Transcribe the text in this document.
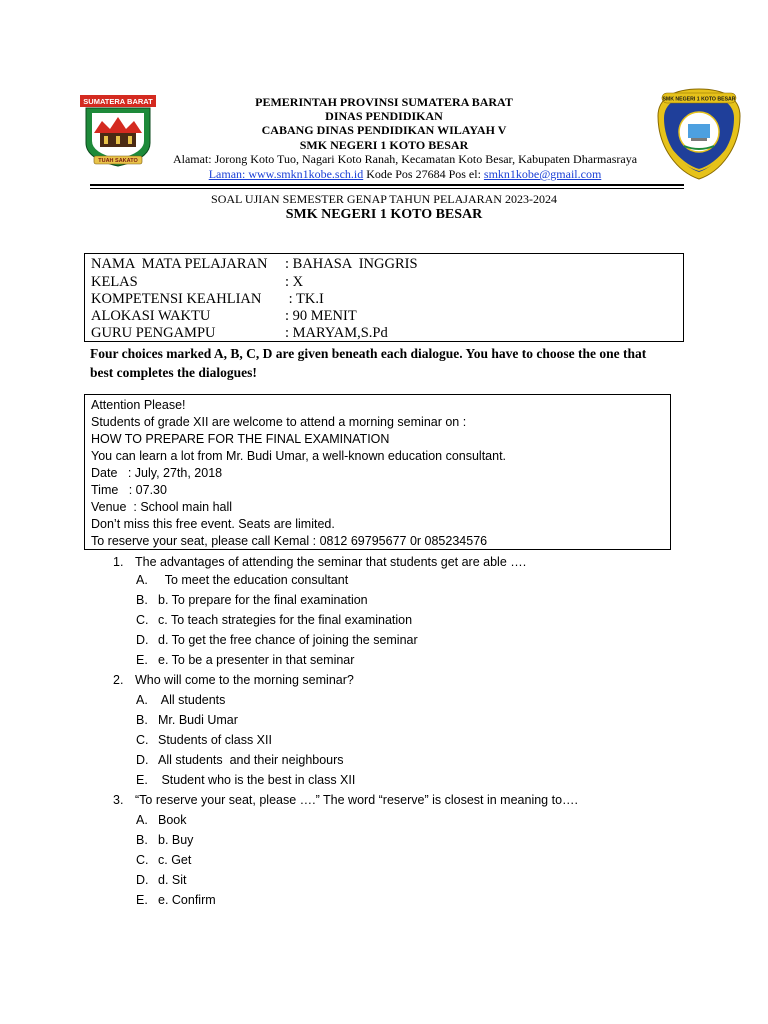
SUMATERA BARAT
TUAH SAKATO
SMK NEGERI 1 KOTO BESAR
PEMERINTAH PROVINSI SUMATERA BARAT
DINAS PENDIDIKAN
CABANG DINAS PENDIDIKAN WILAYAH V
SMK NEGERI 1 KOTO BESAR
Alamat: Jorong Koto Tuo, Nagari Koto Ranah, Kecamatan Koto Besar, Kabupaten Dharmasraya
Laman: www.smkn1kobe.sch.id Kode Pos 27684 Pos el: smkn1kobe@gmail.com
SOAL UJIAN SEMESTER GENAP TAHUN PELAJARAN 2023-2024
SMK NEGERI 1 KOTO BESAR
NAMA  MATA PELAJARAN : BAHASA  INGGRIS
KELAS	: X
KOMPETENSI KEAHLIAN : TK.I
ALOKASI WAKTU	: 90 MENIT
GURU PENGAMPU	: MARYAM,S.Pd
Four choices marked A, B, C, D are given beneath each dialogue. You have to choose the one that
best completes the dialogues!
Attention Please!
Students of grade XII are welcome to attend a morning seminar on :
HOW TO PREPARE FOR THE FINAL EXAMINATION
You can learn a lot from Mr. Budi Umar, a well-known education consultant.
Date   : July, 27th, 2018
Time   : 07.30
Venue  : School main hall
Don’t miss this free event. Seats are limited.
To reserve your seat, please call Kemal : 0812 69795677 0r 085234576
1. The advantages of attending the seminar that students get are able ….
A. To meet the education consultant
B. b. To prepare for the final examination
C. c. To teach strategies for the final examination
D. d. To get the free chance of joining the seminar
E. e. To be a presenter in that seminar
2. Who will come to the morning seminar?
A. All students
B. Mr. Budi Umar
C. Students of class XII
D. All students  and their neighbours
E. Student who is the best in class XII
3. “To reserve your seat, please ….” The word “reserve” is closest in meaning to….
A. Book
B. b. Buy
C. c. Get
D. d. Sit
E. e. Confirm
